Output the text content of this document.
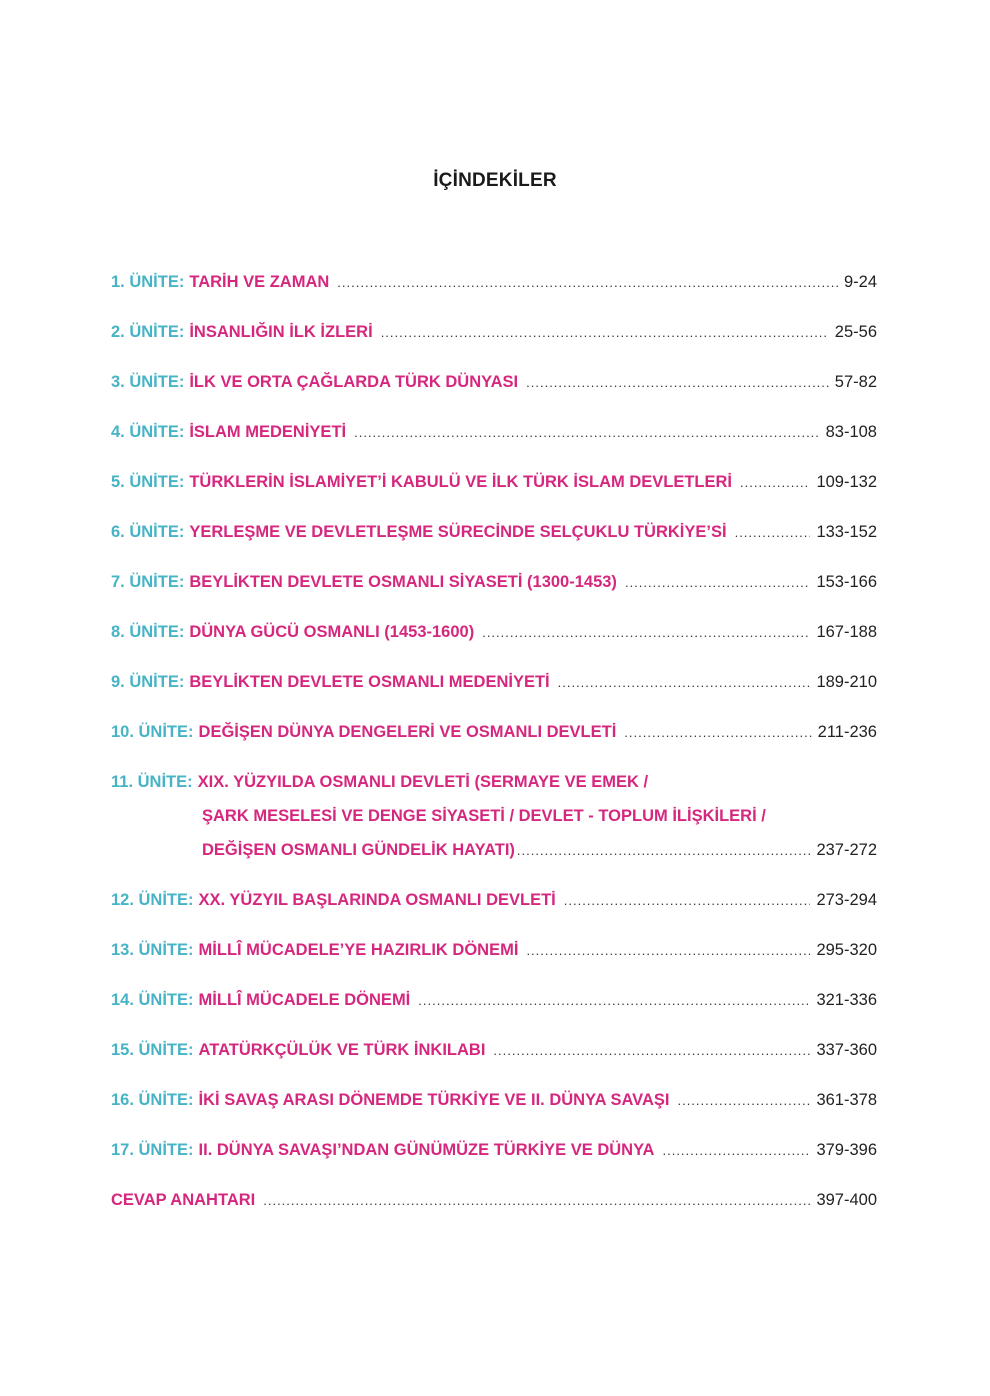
İÇİNDEKİLER
1. ÜNİTE: TARİH VE ZAMAN .....	9-24
2. ÜNİTE: İNSANLIĞIN İLK İZLERİ .....	25-56
3. ÜNİTE: İLK VE ORTA ÇAĞLARDA TÜRK DÜNYASI .....	57-82
4. ÜNİTE: İSLAM MEDENİYETİ .....	83-108
5. ÜNİTE: TÜRKLERİN İSLAMİYET’İ KABULÜ VE İLK TÜRK İSLAM DEVLETLERİ .....	109-132
6. ÜNİTE: YERLEŞME VE DEVLETLEŞME SÜRECİNDE SELÇUKLU TÜRKİYE’Sİ .....	133-152
7. ÜNİTE: BEYLİKTEN DEVLETE OSMANLI SİYASETİ (1300-1453) .....	153-166
8. ÜNİTE: DÜNYA GÜCÜ OSMANLI (1453-1600) .....	167-188
9. ÜNİTE: BEYLİKTEN DEVLETE OSMANLI MEDENİYETİ .....	189-210
10. ÜNİTE: DEĞİŞEN DÜNYA DENGELERİ VE OSMANLI DEVLETİ .....	211-236
11. ÜNİTE: XIX. YÜZYILDA OSMANLI DEVLETİ (SERMAYE VE EMEK /
ŞARK MESELESİ VE DENGE SİYASETİ / DEVLET - TOPLUM İLİŞKİLERİ /
DEĞİŞEN OSMANLI GÜNDELİK HAYATI) .....	237-272
12. ÜNİTE: XX. YÜZYIL BAŞLARINDA OSMANLI DEVLETİ .....	273-294
13. ÜNİTE: MİLLÎ MÜCADELE’YE HAZIRLIK DÖNEMİ .....	295-320
14. ÜNİTE: MİLLÎ MÜCADELE DÖNEMİ .....	321-336
15. ÜNİTE: ATATÜRKÇÜLÜK VE TÜRK İNKILABI .....	337-360
16. ÜNİTE: İKİ SAVAŞ ARASI DÖNEMDE TÜRKİYE VE II. DÜNYA SAVAŞI .....	361-378
17. ÜNİTE: II. DÜNYA SAVAŞI’NDAN GÜNÜMÜZE TÜRKİYE VE DÜNYA .....	379-396
CEVAP ANAHTARI .....	397-400
